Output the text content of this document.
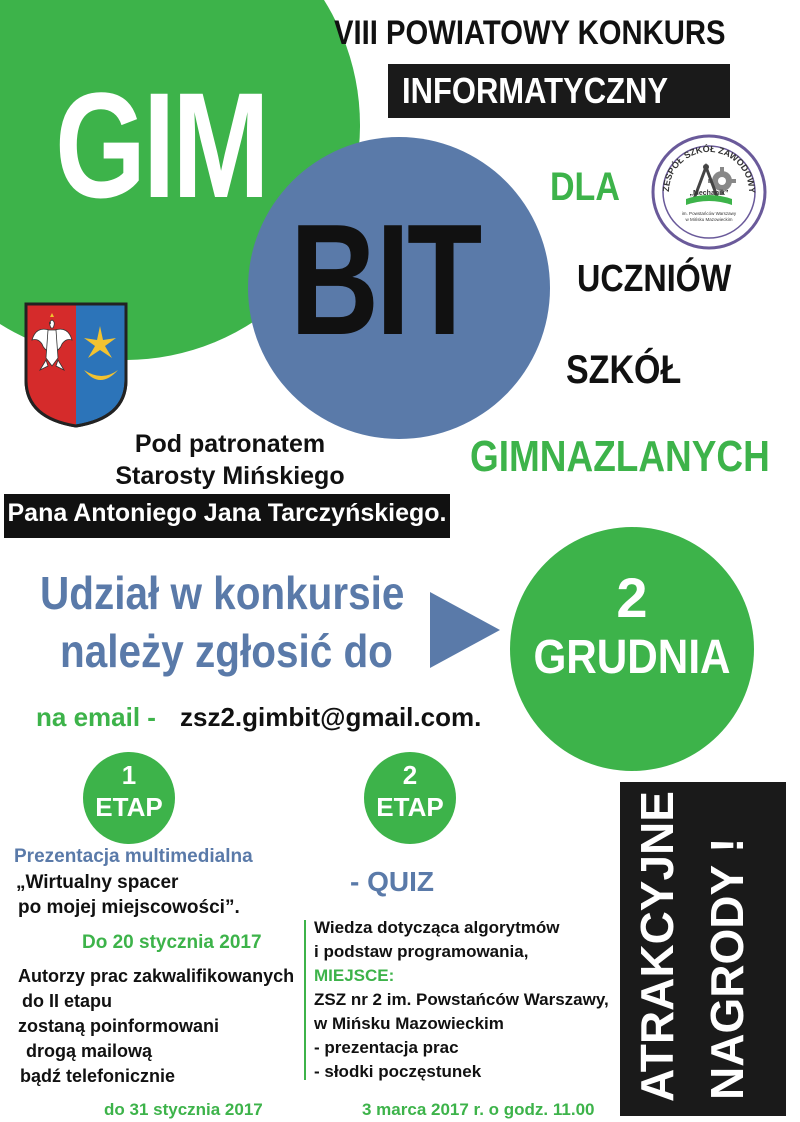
GIM
BIT
VIII POWIATOWY KONKURS
INFORMATYCZNY
DLA
UCZNIÓW
SZKÓŁ
GIMNAZLANYCH
ZESPÓŁ SZKÓŁ ZAWODOWY
„Mechanik”
im. Powstańców Warszawy
w Mińsku Mazowieckim
Pod patronatem
Starosty Mińskiego
Pana Antoniego Jana Tarczyńskiego.
Udział w konkursie
należy zgłosić do
2
GRUDNIA
na email - zsz2.gimbit@gmail.com.
1
ETAP
Prezentacja multimedialna
„Wirtualny spacer
po mojej miejscowości”.
Do 20 stycznia 2017
Autorzy prac zakwalifikowanych
do II etapu
zostaną poinformowani
drogą mailową
bądź telefonicznie
do 31 stycznia 2017
2
ETAP
- QUIZ
Wiedza dotycząca algorytmów
i podstaw programowania,
MIEJSCE:
ZSZ nr 2 im. Powstańców Warszawy,
w Mińsku Mazowieckim
- prezentacja prac
- słodki poczęstunek
3 marca 2017 r. o godz. 11.00
ATRAKCYJNE NAGRODY !
